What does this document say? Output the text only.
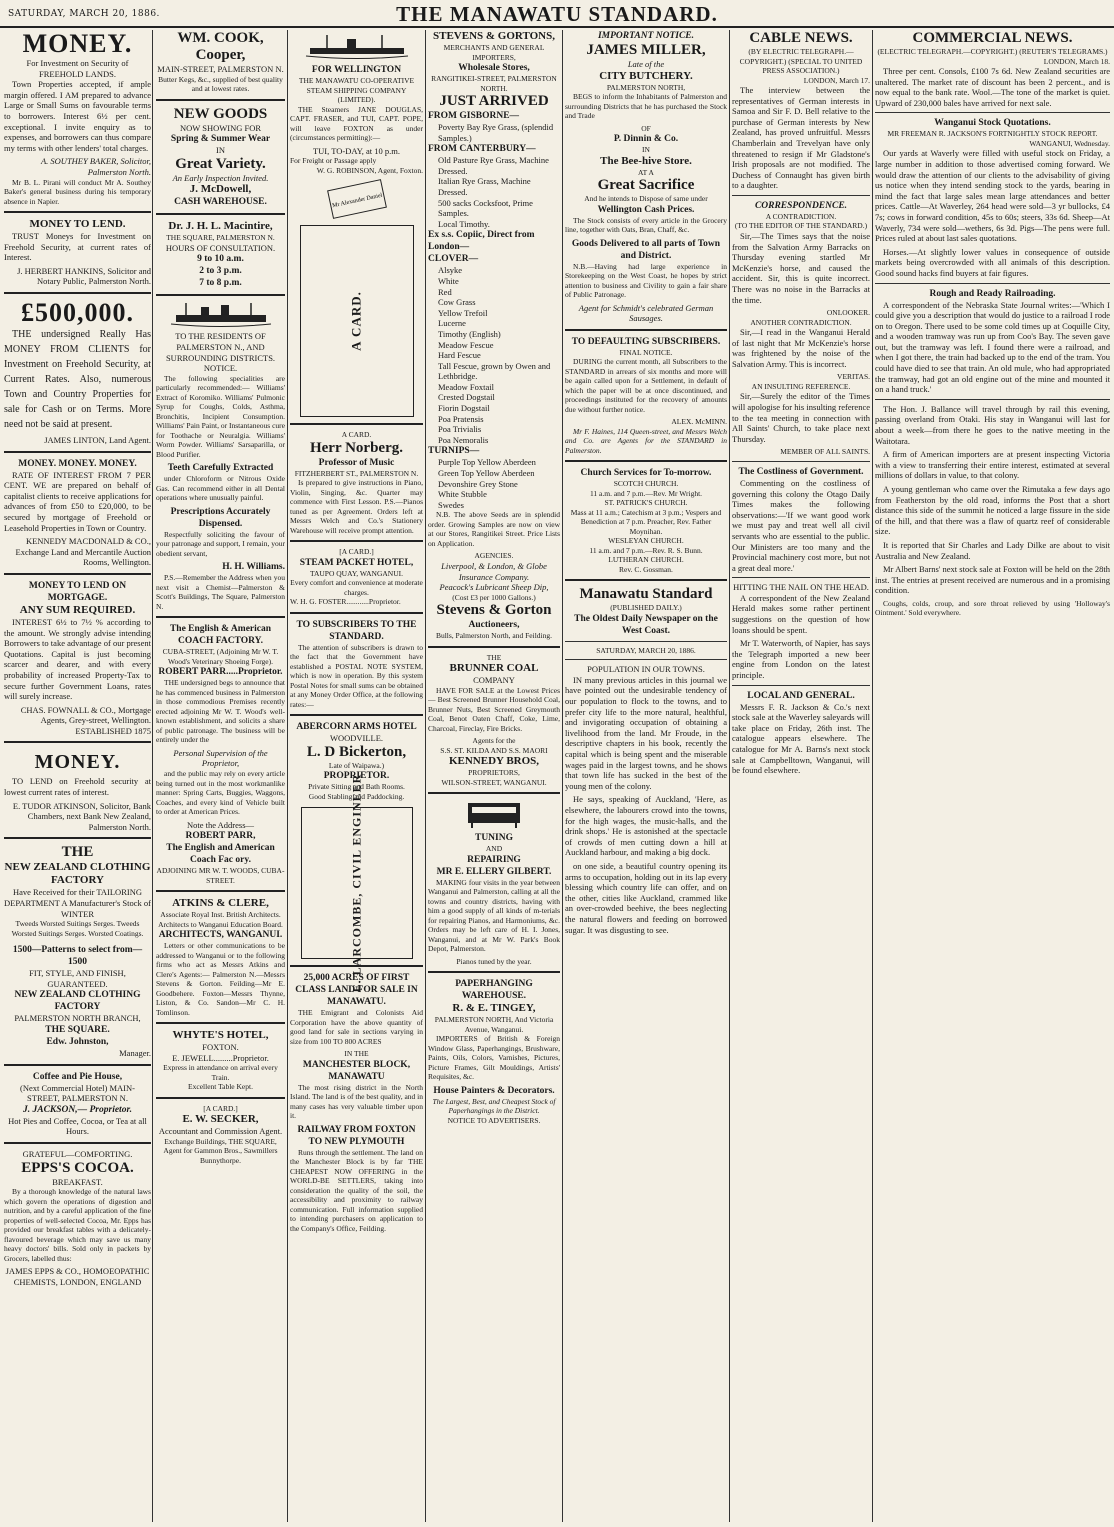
SATURDAY, MARCH 20, 1886.	THE MANAWATU STANDARD.
MONEY.
For Investment on Security of FREEHOLD LANDS.

Town Properties accepted, if ample margin offered. I AM prepared to advance Large or Small Sums on favourable terms to borrowers. Interest 6½ per cent. exceptional. I invite enquiry as to expenses, and borrowers can thus compare my terms with other lenders' total charges.

A. SOUTHEY BAKER, Solicitor, Palmerston North.

Mr B. L. Pirani will conduct Mr A. Southey Baker's general business during his temporary absence in Napier.

MONEY TO LEND.

TRUST Moneys for Investment on Freehold Security, at current rates of Interest.

J. HERBERT HANKINS, Solicitor and Notary Public, Palmerston North.
£500,000.

THE undersigned Really Has MONEY FROM CLIENTS for Investment on Freehold Security, at Current Rates. Also, numerous Town and Country Properties for sale for Cash or on Terms. More need not be said at present.

JAMES LINTON, Land Agent.
MONEY. MONEY. MONEY.

RATE OF INTEREST FROM 7 PER CENT. WE are prepared on behalf of capitalist clients to receive applications for advances of from £50 to £20,000, to be secured by mortgage of Freehold or Leasehold Properties in Town or Country.

KENNEDY MACDONALD & CO., Exchange Land and Mercantile Auction Rooms, Wellington.
MONEY TO LEND ON MORTGAGE.
ANY SUM REQUIRED.

INTEREST 6½ to 7½ % according to the amount. We strongly advise intending Borrowers to take advantage of our present Quotations. Capital is just becoming scarcer and dearer, and with every probability of increased Property-Tax to secure further Government Loans, rates will surely increase.

CHAS. FOWNALL & CO., Mortgage Agents, Grey-street, Wellington. ESTABLISHED 1875
MONEY.

TO LEND on Freehold security at lowest current rates of interest.

E. TUDOR ATKINSON, Solicitor, Bank Chambers, next Bank New Zealand, Palmerston North.
THE
NEW ZEALAND CLOTHING FACTORY
Have Received for their TAILORING DEPARTMENT A Manufacturer's Stock of WINTER
Tweeds Worsted Suitings Serges. Tweeds Worsted Suitings Serges. Worsted Coatings.
1500—Patterns to select from—1500
FIT, STYLE, AND FINISH, GUARANTEED.
NEW ZEALAND CLOTHING FACTORY
PALMERSTON NORTH BRANCH,
THE SQUARE.
Edw. Johnston,
Manager.
Coffee and Pie House,
(Next Commercial Hotel) MAIN-STREET, PALMERSTON N.
J. JACKSON,— Proprietor.
Hot Pies and Coffee, Cocoa, or Tea at all Hours.
GRATEFUL—COMFORTING.
EPPS'S COCOA.
BREAKFAST.

By a thorough knowledge of the natural laws which govern the operations of digestion and nutrition, and by a careful application of the fine properties of well-selected Cocoa, Mr. Epps has provided our breakfast tables with a delicately-flavoured beverage which may save us many heavy doctors' bills. Sold only in packets by Grocers, labelled thus:

JAMES EPPS & CO., HOMOEOPATHIC CHEMISTS, LONDON, ENGLAND
WM. COOK,
Cooper,
MAIN-STREET, PALMERSTON N.
Butter Kegs, &c., supplied of best quality and at lowest rates.
NEW GOODS
NOW SHOWING FOR
Spring & Summer Wear
IN
Great Variety.
An Early Inspection Invited.
J. McDowell,
CASH WAREHOUSE.
Dr. J. H. L. Macintire,
THE SQUARE, PALMERSTON N.
HOURS OF CONSULTATION.
9 to 10 a.m.
2 to 3 p.m.
7 to 8 p.m.
TO THE RESIDENTS OF PALMERSTON N., AND SURROUNDING DISTRICTS.
NOTICE.

The following specialities are particularly recommended:— Williams' Extract of Koromiko. Williams' Pulmonic Syrup for Coughs, Colds, Asthma, Bronchitis, Incipient Consumption. Williams' Pain Paint, or Instantaneous cure for Toothache or Neuralgia. Williams' Worm Powder. Williams' Sarsaparilla, or Blood Purifier.

Teeth Carefully Extracted

under Chloroform or Nitrous Oxide Gas. Can recommend either in all Dental operations where unusually painful.

Prescriptions Accurately Dispensed.

Respectfully soliciting the favour of your patronage and support, I remain, your obedient servant,

H. H. Williams.

P.S.—Remember the Address when you next visit a Chemist—Palmerston & Scott's Buildings, The Square, Palmerston N.

The English & American COACH FACTORY.
CUBA-STREET, (Adjoining Mr W. T. Wood's Veterinary Shoeing Forge).
ROBERT PARR.....Proprietor.

THE undersigned begs to announce that he has commenced business in Palmerston in those commodious Premises recently erected adjoining Mr W. T. Wood's well-known establishment, and solicits a share of public patronage. The business will be entirely under the

Personal Supervision of the Proprietor,

and the public may rely on every article being turned out in the most workmanlike manner: Spring Carts, Buggies, Waggons, Coaches, and every kind of Vehicle built to order at American Prices.

Note the Address—
ROBERT PARR,
The English and American Coach Fac ory.
ADJOINING MR W. T. WOODS, CUBA-STREET.
ATKINS & CLERE,
Associate Royal Inst. British Architects. Architects to Wanganui Education Board.
ARCHITECTS, WANGANUI.

Letters or other communications to be addressed to Wanganui or to the following firms who act as Messrs Atkins and Clere's Agents:— Palmerston N.—Messrs Stevens & Gorton. Feilding—Mr E. Goodbehere. Foxton—Messrs Thynne, Liston, & Co. Sandon—Mr C. H. Tomlinson.

WHYTE'S HOTEL,
FOXTON.
E. JEWELL.........Proprietor.
Express in attendance on arrival every Train.
Excellent Table Kept.
[A CARD.]
E. W. SECKER,
Accountant and Commission Agent.
Exchange Buildings, THE SQUARE,
Agent for Gammon Bros., Sawmillers Bunnythorpe.
FOR WELLINGTON
THE MANAWATU CO-OPERATIVE STEAM SHIPPING COMPANY (LIMITED).

THE Steamers JANE DOUGLAS, CAPT. FRASER, and TUI, CAPT. POPE, will leave FOXTON as under (circumstances permitting):—

TUI, TO-DAY, at 10 p.m.
For Freight or Passage apply
W. G. ROBINSON, Agent, Foxton.
Mr Alexander Daniel
A CARD.
A CARD.
Herr Norberg.
Professor of Music
FITZHERBERT ST., PALMERSTON N.

Is prepared to give instructions in Piano, Violin, Singing, &c. Quarter may commence with First Lesson. P.S.—Pianos tuned as per Agreement. Orders left at Messrs Welch and Co.'s Stationery Warehouse will receive prompt attention.

[A CARD.]
STEAM PACKET HOTEL,
TAUPO QUAY, WANGANUI.
Every comfort and convenience at moderate charges.
W. H. G. FOSTER............Proprietor.
TO SUBSCRIBERS TO THE STANDARD.

The attention of subscribers is drawn to the fact that the Government have established a POSTAL NOTE SYSTEM, which is now in operation. By this system Postal Notes for small sums can be obtained at any Money Order Office, at the following rates:—

ABERCORN ARMS HOTEL
WOODVILLE.
L. D Bickerton,
Late of Waipawa.)
PROPRIETOR.
Private Sitting and Bath Rooms.
Good Stabling and Paddocking.
E. LARCOMBE, CIVIL ENGINEER
25,000 ACRES OF FIRST CLASS LAND FOR SALE IN MANAWATU.

THE Emigrant and Colonists Aid Corporation have the above quantity of good land for sale in sections varying in size from 100 TO 800 ACRES

IN THE
MANCHESTER BLOCK, MANAWATU

The most rising district in the North Island. The land is of the best quality, and in many cases has very valuable timber upon it.

RAILWAY FROM FOXTON TO NEW PLYMOUTH

Runs through the settlement. The land on the Manchester Block is by far THE CHEAPEST NOW OFFERING in the WORLD-BE SETTLERS, taking into consideration the quality of the soil, the accessibility and proximity to railway communication. Full information supplied to intending purchasers on application to the Company's Office, Feilding.

STEVENS & GORTONS,
MERCHANTS AND GENERAL IMPORTERS,
Wholesale Stores,
RANGITIKEI-STREET, PALMERSTON NORTH.
JUST ARRIVED
FROM GISBORNE—
Poverty Bay Rye Grass, (splendid Samples.)
FROM CANTERBURY—
Old Pasture Rye Grass, Machine Dressed.
Italian Rye Grass, Machine Dressed.
500 sacks Cocksfoot, Prime Samples.
Local Timothy.
Ex s.s. Copiic, Direct from London—
CLOVER—
Alsyke
White
Red
Cow Grass
Yellow Trefoil
Lucerne
Timothy (English)
Meadow Fescue
Hard Fescue
Tall Fescue, grown by Owen and Lethbridge.
Meadow Foxtail
Crested Dogstail
Fiorin Dogstail
Poa Pratensis
Poa Trivialis
Poa Nemoralis
TURNIPS—
Purple Top Yellow Aberdeen
Green Top Yellow Aberdeen
Devonshire Grey Stone
White Stubble
Swedes

N.B. The above Seeds are in splendid order. Growing Samples are now on view at our Stores, Rangitikei Street. Price Lists on Application.

AGENCIES.
Liverpool, & London, & Globe Insurance Company.
Peacock's Lubricant Sheep Dip,
(Cost £3 per 1000 Gallons.)
Stevens & Gorton
Auctioneers,
Bulls, Palmerston North, and Feilding.
THE
BRUNNER COAL
COMPANY

HAVE FOR SALE at the Lowest Prices— Best Screened Brunner Household Coal, Brunner Nuts, Best Screened Greymouth Coal, Benot Oaten Chaff, Coke, Lime, Charcoal, Fireclay, Fire Bricks.

Agents for the
S.S. ST. KILDA AND S.S. MAORI
KENNEDY BROS,
PROPRIETORS,
WILSON-STREET, WANGANUI.
TUNING
AND
REPAIRING
MR E. ELLERY GILBERT.

MAKING four visits in the year between Wanganui and Palmerston, calling at all the towns and country districts, having with him a good supply of all kinds of m-terials for repairing Pianos, and Harmoniums, &c. Orders may be left care of H. I. Jones, Wanganui, and at Mr W. Park's Book Depot, Palmerston.

Pianos tuned by the year.
PAPERHANGING
WAREHOUSE.
R. & E. TINGEY,
PALMERSTON NORTH, And Victoria Avenue, Wanganui.

IMPORTERS of British & Foreign Window Glass, Paperhangings, Brushware, Paints, Oils, Colors, Varnishes, Pictures, Picture Frames, Gilt Mouldings, Artists' Requisites, &c.

House Painters & Decorators.
The Largest, Best, and Cheapest Stock of Paperhangings in the District.
NOTICE TO ADVERTISERS.
IMPORTANT NOTICE.
JAMES MILLER,
Late of the
CITY BUTCHERY.
PALMERSTON NORTH,

BEGS to inform the Inhabitants of Palmerston and surrounding Districts that he has purchased the Stock and Trade

OF
P. Dinnin & Co.
IN
The Bee-hive Store.
AT A
Great Sacrifice
And he intends to Dispose of same under
Wellington Cash Prices.

The Stock consists of every article in the Grocery line, together with Oats, Bran, Chaff, &c.

Goods Delivered to all parts of Town and District.

N.B.—Having had large experience in Storekeeping on the West Coast, he hopes by strict attention to business and Civility to gain a fair share of Public Patronage.

Agent for Schmidt's celebrated German Sausages.
TO DEFAULTING SUBSCRIBERS.
FINAL NOTICE.

DURING the current month, all Subscribers to the STANDARD in arrears of six months and more will be again called upon for a Settlement, in default of which the paper will be at once discontinued, and proceedings instituted for the recovery of amounts due without further notice.

ALEX. McMINN.

Mr F. Haines, 114 Queen-street, and Messrs Welch and Co. are Agents for the STANDARD in Palmerston.

Church Services for To-morrow.
SCOTCH CHURCH.
11 a.m. and 7 p.m.—Rev. Mr Wright.
ST. PATRICK'S CHURCH.
Mass at 11 a.m.; Catechism at 3 p.m.; Vespers and Benediction at 7 p.m. Preacher, Rev. Father Moynihan.
WESLEYAN CHURCH.
11 a.m. and 7 p.m.—Rev. R. S. Bunn.
LUTHERAN CHURCH.
Rev. C. Gossman.
Manawatu Standard
(PUBLISHED DAILY.)
The Oldest Daily Newspaper on the West Coast.
SATURDAY, MARCH 20, 1886.
POPULATION IN OUR TOWNS.

IN many previous articles in this journal we have pointed out the undesirable tendency of our population to flock to the towns, and to prefer city life to the more natural, healthful, and invigorating occupation of obtaining a livelihood from the land. Mr Froude, in the descriptive chapters in his book, recently the capital which is being spent and the miserable wages paid in the largest towns, and he shows that town life has sucked in the best of the young men of the colony.

He says, speaking of Auckland, 'Here, as elsewhere, the labourers crowd into the towns, for the high wages, the music-halls, and the drink shops.' He is astonished at the spectacle of crowds of men cutting down a hill at Auckland harbour, and making a big dock.

on one side, a beautiful country opening its arms to occupation, holding out in its lap every blessing which country life can offer, and on the other, cities like Auckland, crammed like an over-crowded beehive, the bees neglecting the natural flowers and feeding on borrowed sugar. It was disgusting to see.

CABLE NEWS.
(BY ELECTRIC TELEGRAPH.—COPYRIGHT.) (SPECIAL TO UNITED PRESS ASSOCIATION.)
LONDON, March 17.

The interview between the representatives of German interests in Samoa and Sir F. D. Bell relative to the purchase of German interests by New Zealand, has proved unfruitful. Messrs Chamberlain and Trevelyan have only threatened to resign if Mr Gladstone's Irish proposals are not modified. The Duchess of Connaught has given birth to a daughter.

CORRESPONDENCE.
A CONTRADICTION.
(TO THE EDITOR OF THE STANDARD.)

Sir,—The Times says that the noise from the Salvation Army Barracks on Thursday evening startled Mr McKenzie's horse, and caused the accident. Sir, this is quite incorrect. There was no noise in the Barracks at the time.

ONLOOKER.
ANOTHER CONTRADICTION.

Sir,—I read in the Wanganui Herald of last night that Mr McKenzie's horse was frightened by the noise of the Salvation Army. This is incorrect.

VERITAS.
AN INSULTING REFERENCE.

Sir,—Surely the editor of the Times will apologise for his insulting reference to the tea meeting in connection with All Saints' Church, to take place next Thursday.

MEMBER OF ALL SAINTS.
The Costliness of Government.

Commenting on the costliness of governing this colony the Otago Daily Times makes the following observations:—'If we want good work we must pay and treat well all civil servants who are essential to the public. Our Ministers are too many and the Provincial machinery cost more, but not a great deal more.'

HITTING THE NAIL ON THE HEAD.

A correspondent of the New Zealand Herald makes some rather pertinent suggestions on the question of how loans should be spent.

Mr T. Waterworth, of Napier, has says the Telegraph imported a new beer engine from London on the latest principle.

LOCAL AND GENERAL.

Messrs F. R. Jackson & Co.'s next stock sale at the Waverley saleyards will take place on Friday, 26th inst. The catalogue appears elsewhere. The catalogue for Mr A. Barns's next stock sale at Campbelltown, Wanganui, will be found elsewhere.

COMMERCIAL NEWS.
(ELECTRIC TELEGRAPH.—COPYRIGHT.) (REUTER'S TELEGRAMS.)
LONDON, March 18.

Three per cent. Consols, £100 7s 6d. New Zealand securities are unaltered. The market rate of discount has been 2 percent., and is now equal to the bank rate. Wool.—The tone of the market is quiet. Upward of 230,000 bales have arrived for next sale.

Wanganui Stock Quotations.
MR FREEMAN R. JACKSON'S FORTNIGHTLY STOCK REPORT.
WANGANUI, Wednesday.

Our yards at Waverly were filled with useful stock on Friday, a large number in addition to those advertised coming forward. We would draw the attention of our clients to the advisability of giving us notice when they intend sending stock to the yards, bearing in mind the fact that large sales mean large attendances and better prices. Cattle—At Waverley, 264 head were sold—3 yr bullocks, £4 7s; cows in forward condition, 45s to 60s; steers, 33s 6d. Sheep—At Waverly, 734 were sold—wethers, 6s 3d. Pigs—The pens were full. Prices ruled at about last sales quotations.

Horses.—At slightly lower values in consequence of outside markets being overcrowded with all animals of this description. Good sound hacks find buyers at fair figures.

Rough and Ready Railroading.

A correspondent of the Nebraska State Journal writes:—'Which I could give you a description that would do justice to a railroad I rode on to Oregon. There used to be some cold times up at Coquille City, and a wooden tramway was run up from Coo's Bay. The seven gave out, but the tramway was left. I found there were a railroad, and when I got there, the train had backed up to the end of the tram. You could have died to see that train. An old mule, who had appropriated the tramway, had got an old engine out of the mine and mounted it on a hand truck.'

The Hon. J. Ballance will travel through by rail this evening, passing overland from Otaki. His stay in Wanganui will last for about a week—from there he goes to the native meeting in the Waitotara.

A firm of American importers are at present inspecting Victoria with a view to transferring their entire interest, estimated at several millions of dollars in value, to that colony.

A young gentleman who came over the Rimutaka a few days ago from Featherston by the old road, informs the Post that a short distance this side of the summit he noticed a large fissure in the side of the hill, and that there was a flaw of quartz reef of considerable size.

It is reported that Sir Charles and Lady Dilke are about to visit Australia and New Zealand.

Mr Albert Barns' next stock sale at Foxton will be held on the 28th inst. The entries at present received are numerous and in a promising condition.

Coughs, colds, croup, and sore throat relieved by using 'Holloway's Ointment.' Sold everywhere.
